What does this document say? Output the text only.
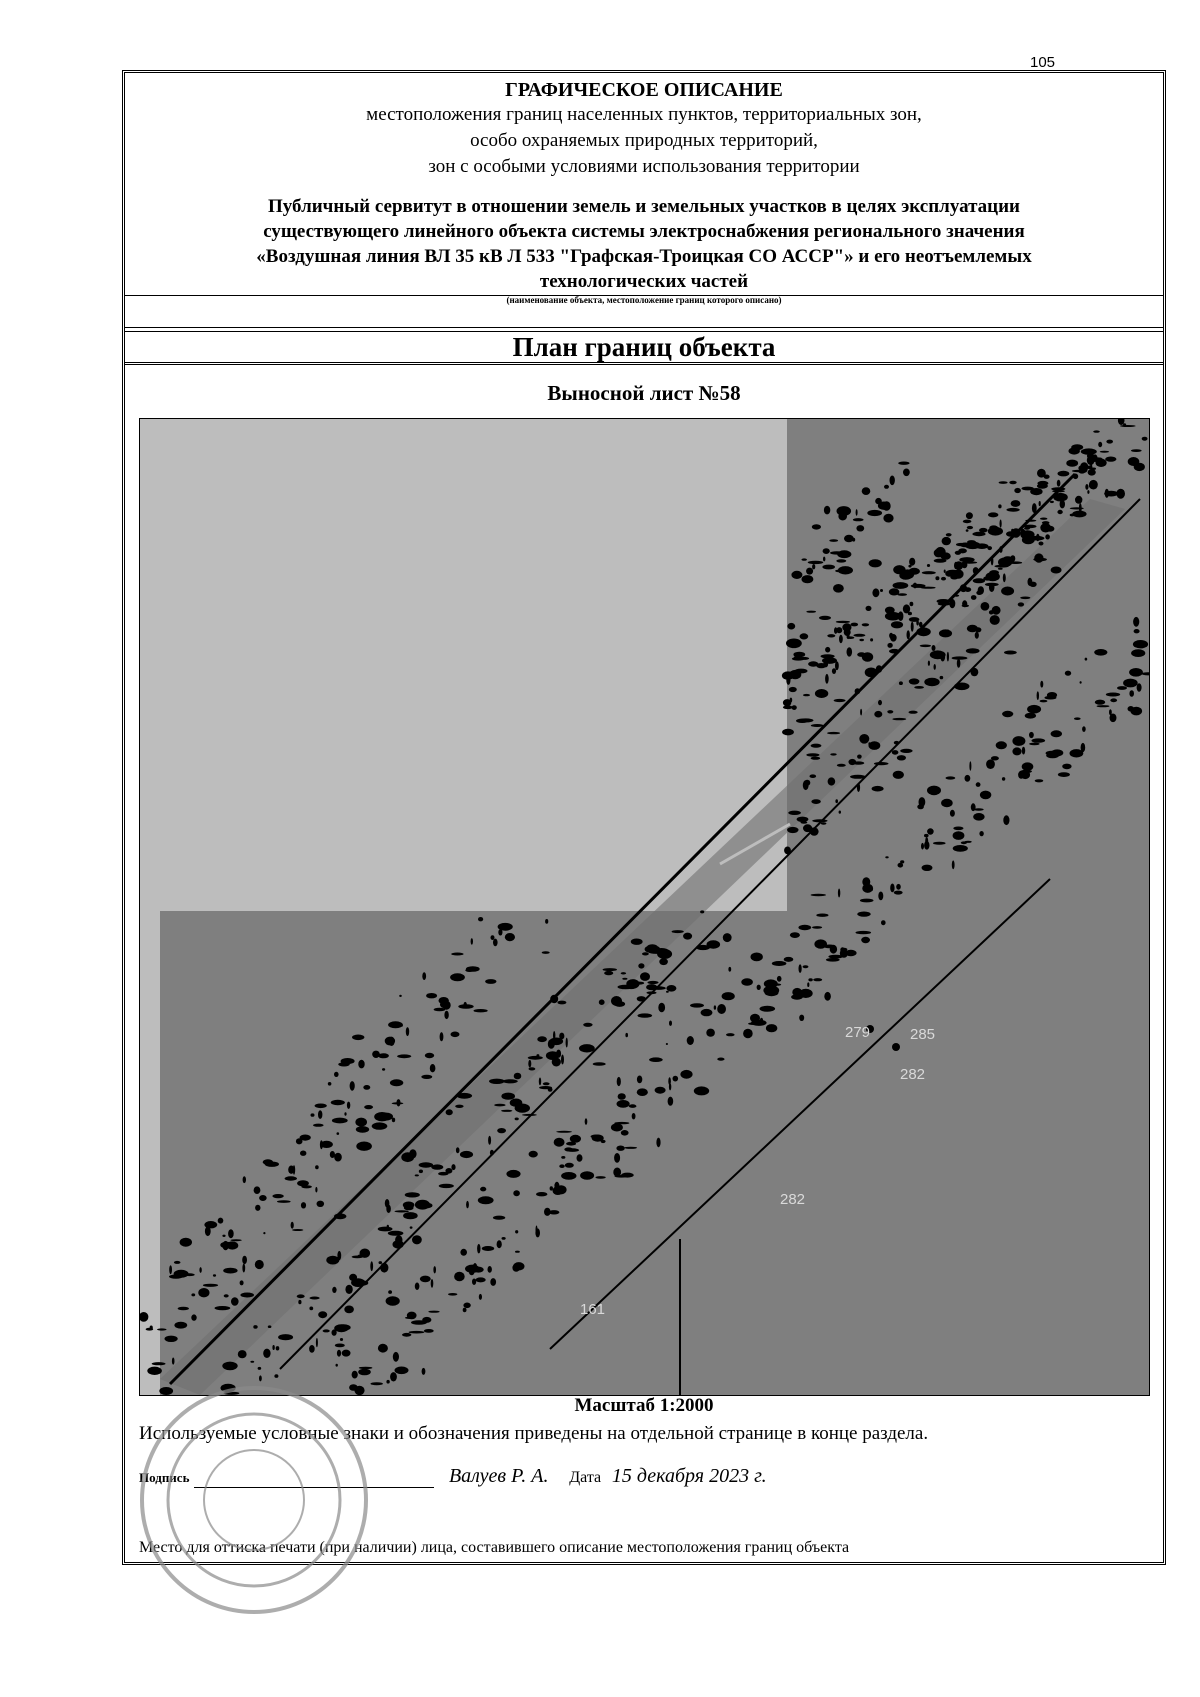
105
ГРАФИЧЕСКОЕ ОПИСАНИЕ
местоположения границ населенных пунктов, территориальных зон,
особо охраняемых природных территорий,
зон с особыми условиями использования территории
Публичный сервитут в отношении земель и земельных участков в целях эксплуатации
существующего линейного объекта системы электроснабжения регионального значения
«Воздушная линия ВЛ 35 кВ Л 533 "Графская-Троицкая СО АССР"» и его неотъемлемых
технологических частей
(наименование объекта, местоположение границ которого описано)
План границ объекта
Выносной лист №58
279	285
282
282
161
Масштаб 1:2000
Используемые условные знаки и обозначения приведены на отдельной странице в конце раздела.
Подпись	Валуев Р. А. Дата 15 декабря 2023 г.
Место для оттиска печати (при наличии) лица, составившего описание местоположения границ объекта
